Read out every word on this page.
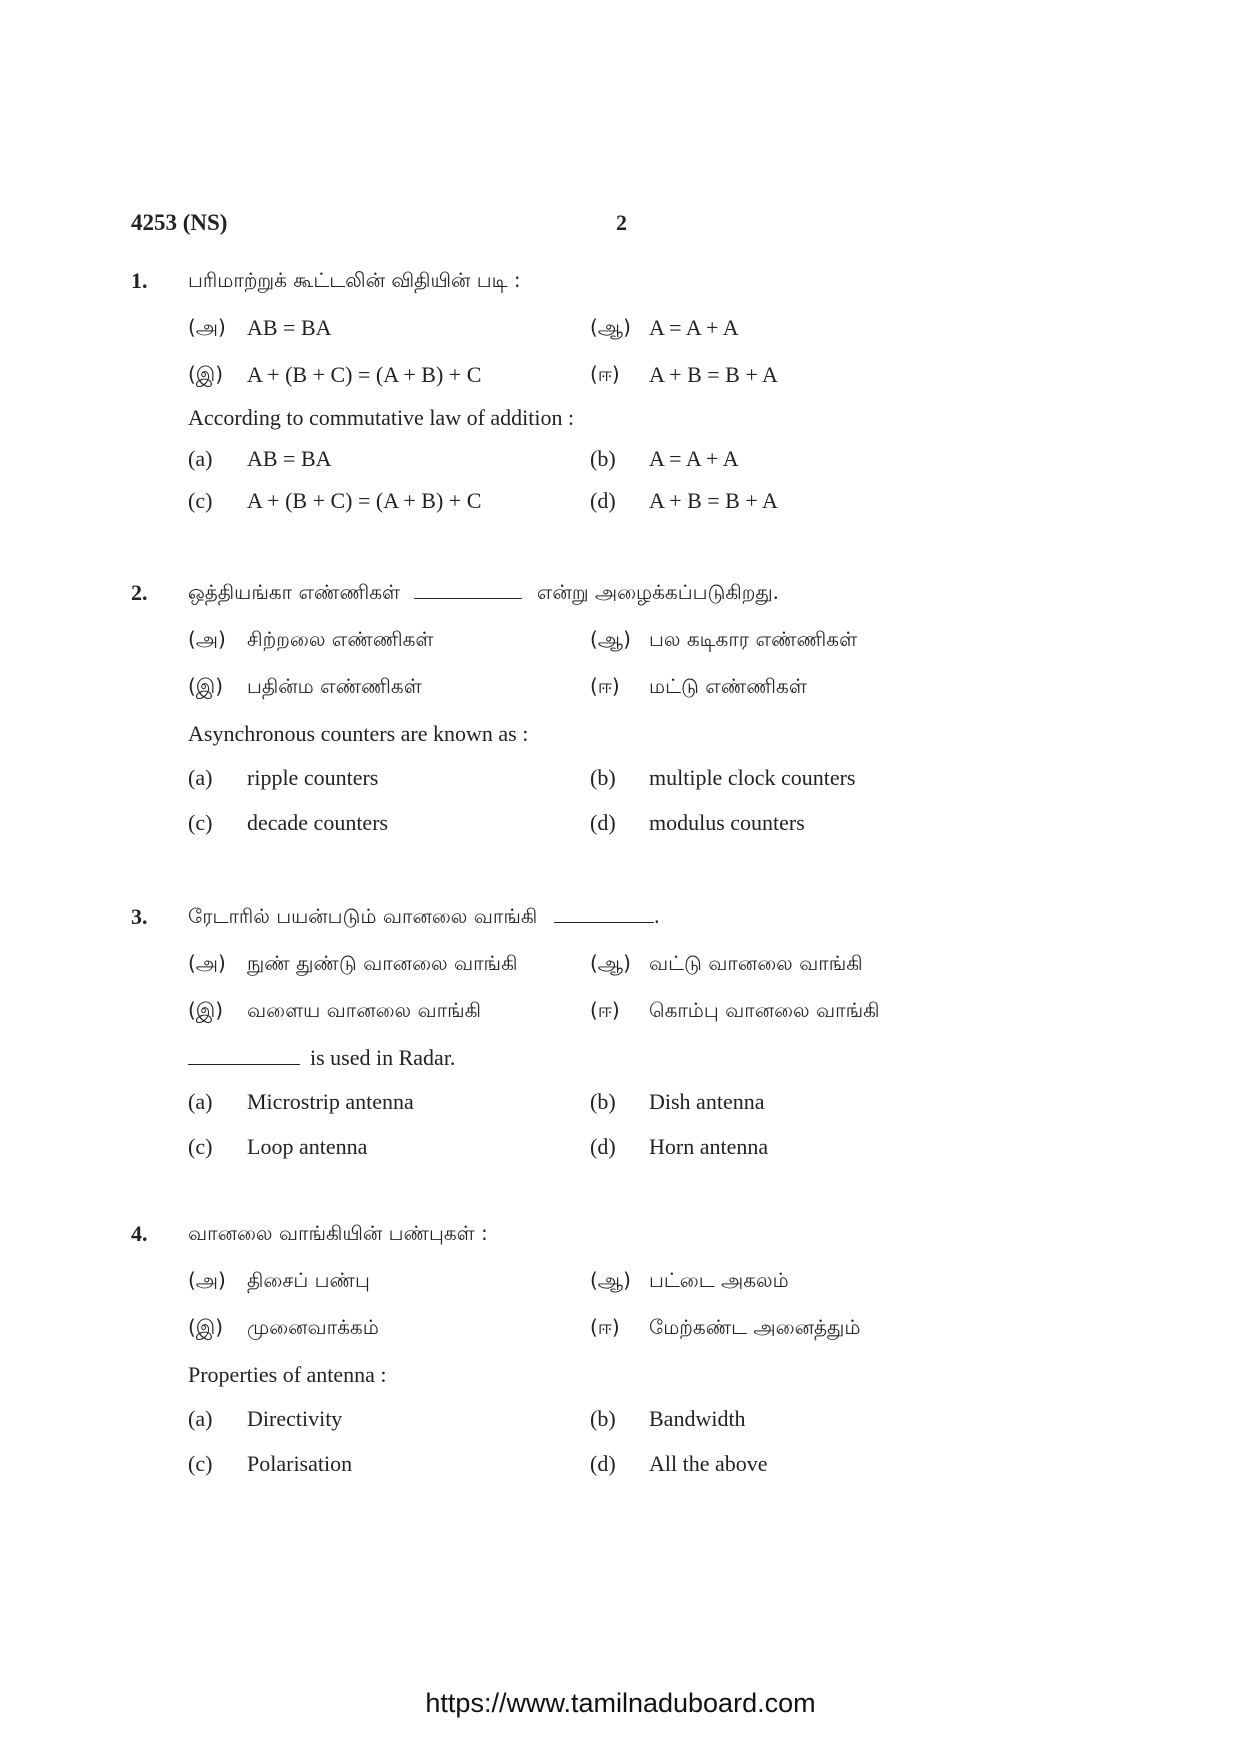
4253 (NS)	2
1. பரிமாற்றுக் கூட்டலின் விதியின் படி :
(அ) AB = BA	(ஆ) A = A + A
(இ) A + (B + C) = (A + B) + C	(ஈ) A + B = B + A
According to commutative law of addition :
(a) AB = BA	(b) A = A + A
(c) A + (B + C) = (A + B) + C	(d) A + B = B + A
2. ஒத்தியங்கா எண்ணிகள்	என்று அழைக்கப்படுகிறது.
(அ) சிற்றலை எண்ணிகள்	(ஆ) பல கடிகார எண்ணிகள்
(இ) பதின்ம எண்ணிகள்	(ஈ) மட்டு எண்ணிகள்
Asynchronous counters are known as :
(a) ripple counters	(b) multiple clock counters
(c) decade counters	(d) modulus counters
3. ரேடாரில் பயன்படும் வானலை வாங்கி	.
(அ) நுண் துண்டு வானலை வாங்கி	(ஆ) வட்டு வானலை வாங்கி
(இ) வளைய வானலை வாங்கி	(ஈ) கொம்பு வானலை வாங்கி
is used in Radar.
(a) Microstrip antenna	(b) Dish antenna
(c) Loop antenna	(d) Horn antenna
4. வானலை வாங்கியின் பண்புகள் :
(அ) திசைப் பண்பு	(ஆ) பட்டை அகலம்
(இ) முனைவாக்கம்	(ஈ) மேற்கண்ட அனைத்தும்
Properties of antenna :
(a) Directivity	(b) Bandwidth
(c) Polarisation	(d) All the above
https://www.tamilnaduboard.com
